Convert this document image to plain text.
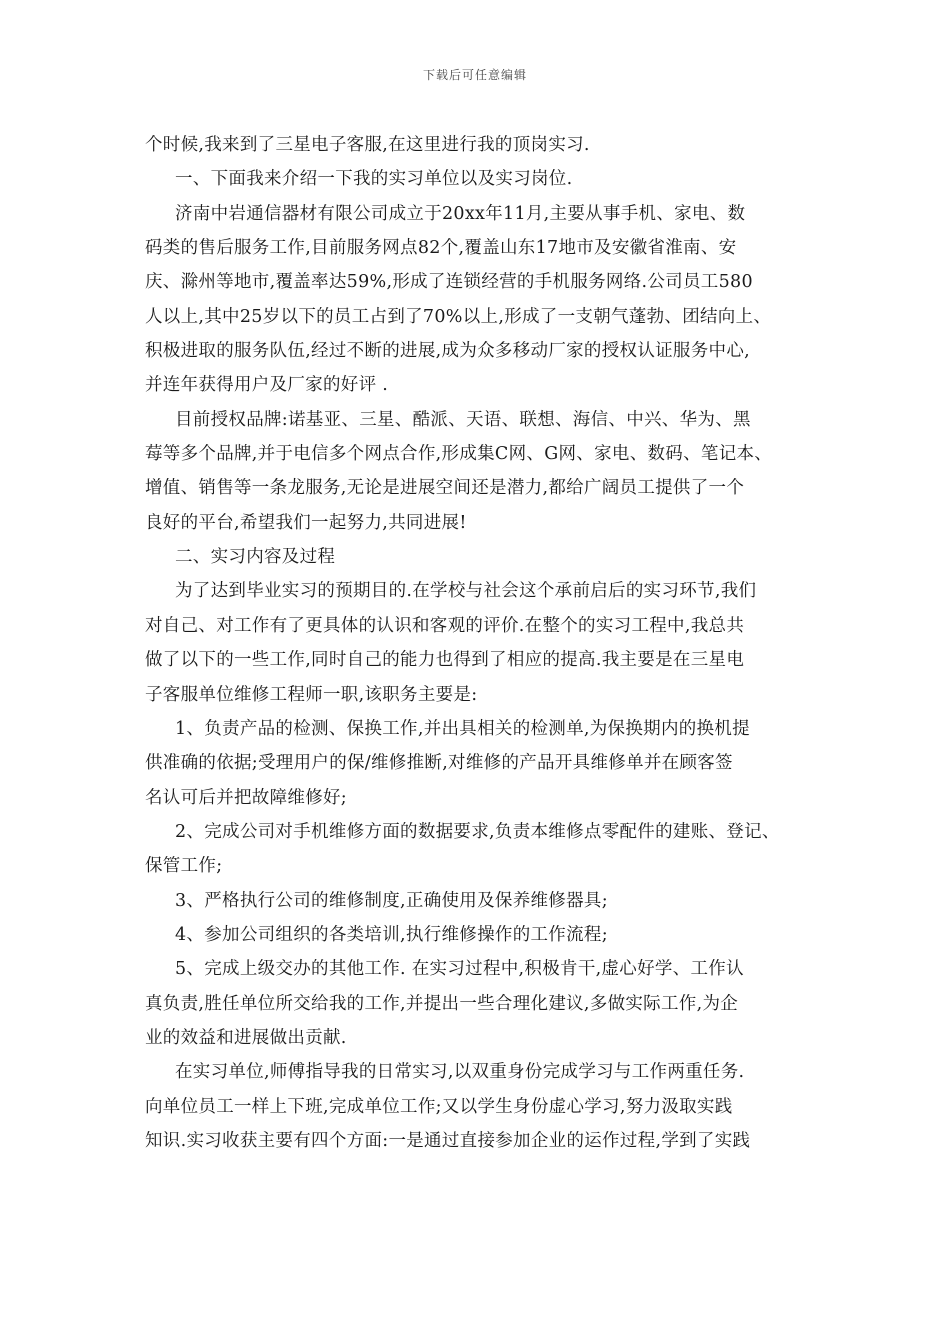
下载后可任意编辑
个时候,我来到了三星电子客服,在这里进行我的顶岗实习.
一、下面我来介绍一下我的实习单位以及实习岗位.
济南中岩通信器材有限公司成立于20xx年11月,主要从事手机、家电、数
码类的售后服务工作,目前服务网点82个,覆盖山东17地市及安徽省淮南、安
庆、滁州等地市,覆盖率达59%,形成了连锁经营的手机服务网络.公司员工580
人以上,其中25岁以下的员工占到了70%以上,形成了一支朝气蓬勃、团结向上、
积极进取的服务队伍,经过不断的进展,成为众多移动厂家的授权认证服务中心,
并连年获得用户及厂家的好评 .
目前授权品牌:诺基亚、三星、酷派、天语、联想、海信、中兴、华为、黑
莓等多个品牌,并于电信多个网点合作,形成集C网、G网、家电、数码、笔记本、
增值、销售等一条龙服务,无论是进展空间还是潜力,都给广阔员工提供了一个
良好的平台,希望我们一起努力,共同进展!
二、实习内容及过程
为了达到毕业实习的预期目的.在学校与社会这个承前启后的实习环节,我们
对自己、对工作有了更具体的认识和客观的评价.在整个的实习工程中,我总共
做了以下的一些工作,同时自己的能力也得到了相应的提高.我主要是在三星电
子客服单位维修工程师一职,该职务主要是:
1、负责产品的检测、保换工作,并出具相关的检测单,为保换期内的换机提
供准确的依据;受理用户的保/维修推断,对维修的产品开具维修单并在顾客签
名认可后并把故障维修好;
2、完成公司对手机维修方面的数据要求,负责本维修点零配件的建账、登记、
保管工作;
3、严格执行公司的维修制度,正确使用及保养维修器具;
4、参加公司组织的各类培训,执行维修操作的工作流程;
5、完成上级交办的其他工作. 在实习过程中,积极肯干,虚心好学、工作认
真负责,胜任单位所交给我的工作,并提出一些合理化建议,多做实际工作,为企
业的效益和进展做出贡献.
在实习单位,师傅指导我的日常实习,以双重身份完成学习与工作两重任务.
向单位员工一样上下班,完成单位工作;又以学生身份虚心学习,努力汲取实践
知识.实习收获主要有四个方面:一是通过直接参加企业的运作过程,学到了实践
